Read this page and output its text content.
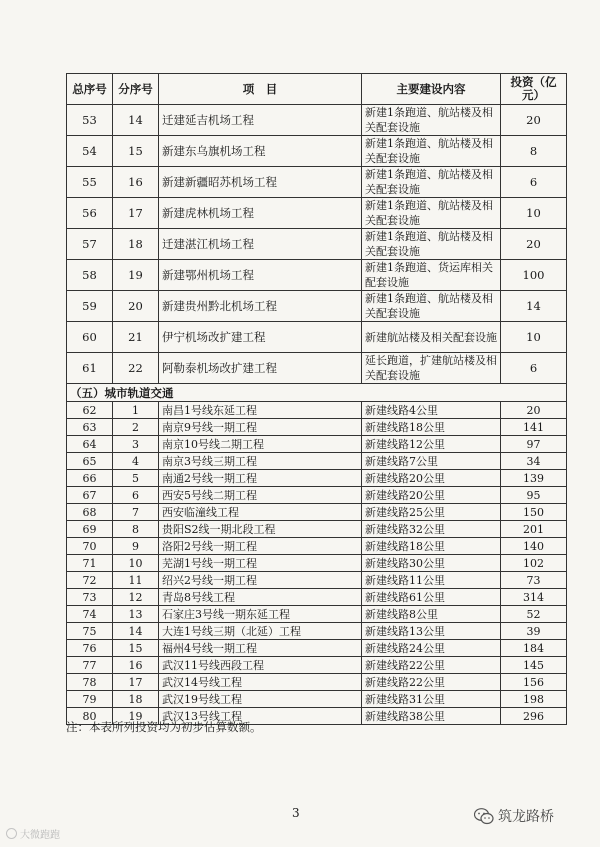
总序号	分序号	项　目	主要建设内容	投资（亿元）
53	14	迁建延吉机场工程	新建1条跑道、航站楼及相关配套设施	20
54	15	新建东乌旗机场工程	新建1条跑道、航站楼及相关配套设施	8
55	16	新建新疆昭苏机场工程	新建1条跑道、航站楼及相关配套设施	6
56	17	新建虎林机场工程	新建1条跑道、航站楼及相关配套设施	10
57	18	迁建湛江机场工程	新建1条跑道、航站楼及相关配套设施	20
58	19	新建鄂州机场工程	新建1条跑道、货运库相关配套设施	100
59	20	新建贵州黔北机场工程	新建1条跑道、航站楼及相关配套设施	14
60	21	伊宁机场改扩建工程	新建航站楼及相关配套设施	10
61	22	阿勒泰机场改扩建工程	延长跑道，扩建航站楼及相关配套设施	6
（五）城市轨道交通				
62	1	南昌1号线东延工程	新建线路4公里	20
63	2	南京9号线一期工程	新建线路18公里	141
64	3	南京10号线二期工程	新建线路12公里	97
65	4	南京3号线三期工程	新建线路7公里	34
66	5	南通2号线一期工程	新建线路20公里	139
67	6	西安5号线二期工程	新建线路20公里	95
68	7	西安临潼线工程	新建线路25公里	150
69	8	贵阳S2线一期北段工程	新建线路32公里	201
70	9	洛阳2号线一期工程	新建线路18公里	140
71	10	芜湖1号线一期工程	新建线路30公里	102
72	11	绍兴2号线一期工程	新建线路11公里	73
73	12	青岛8号线工程	新建线路61公里	314
74	13	石家庄3号线一期东延工程	新建线路8公里	52
75	14	大连1号线三期（北延）工程	新建线路13公里	39
76	15	福州4号线一期工程	新建线路24公里	184
77	16	武汉11号线西段工程	新建线路22公里	145
78	17	武汉14号线工程	新建线路22公里	156
79	18	武汉19号线工程	新建线路31公里	198
80	19	武汉13号线工程	新建线路38公里	296
注：本表所列投资均为初步估算数额。
3	筑龙路桥
大微跑跑
